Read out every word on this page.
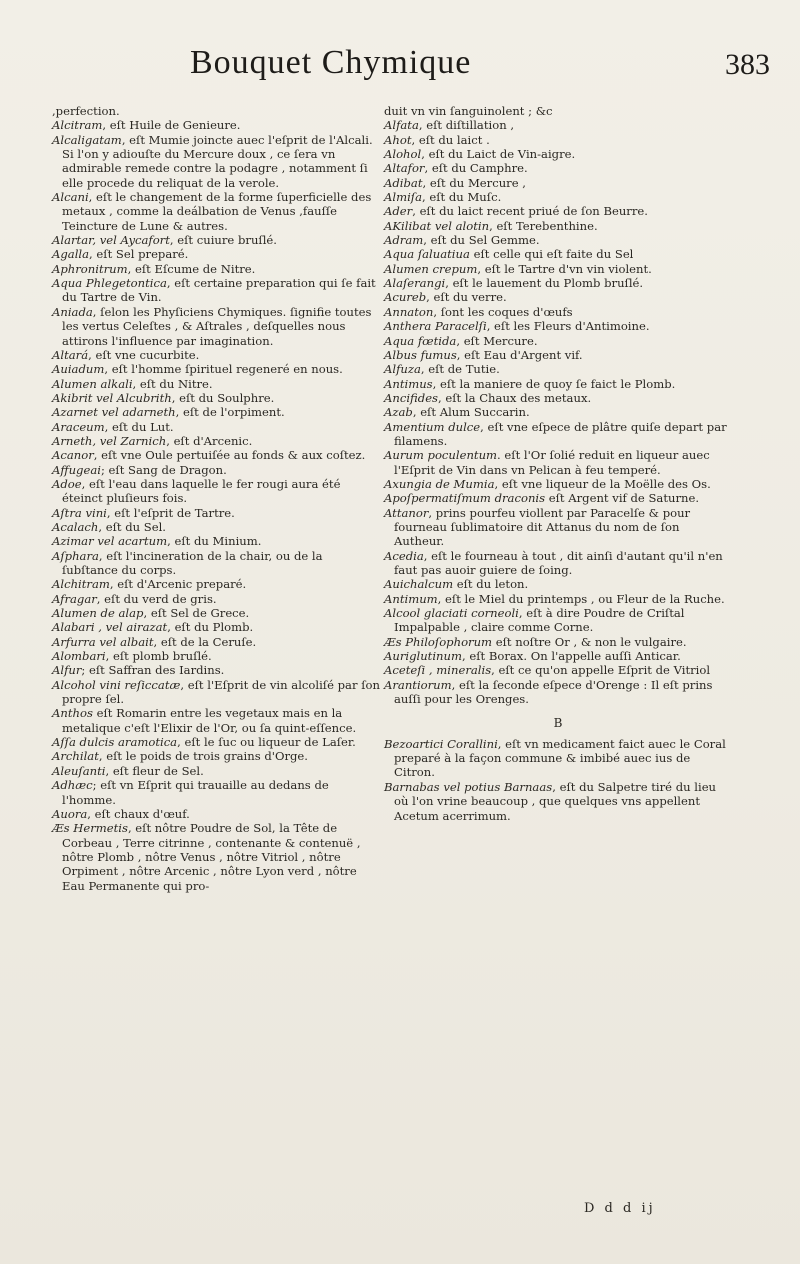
Bouquet Chymique	383

,perfection.

Alcitram, eſt Huile de Genieure.

Alcaligatam, eſt Mumie joincte auec l'eſprit de l'Alcali. Si l'on y adiouſte du Mercure doux , ce ſera vn admirable remede contre la podagre , notamment ſi elle procede du reliquat de la verole.

Alcani, eſt le changement de la forme ſuperficielle des metaux , comme la deálbation de Venus ,fauſſe Teincture de Lune & autres.

Alartar, vel Aycafort, eſt cuiure bruſlé.

Agalla, eſt Sel preparé.

Aphronitrum, eſt Eſcume de Nitre.

Aqua Phlegetontica, eſt certaine preparation qui ſe fait du Tartre de Vin.

Aniada, ſelon les Phyſiciens Chymiques. ſignifie toutes les vertus Celeſtes , & Aſtrales , deſquelles nous attirons l'influence par imagination.

Altará, eſt vne cucurbite.

Auiadum, eſt l'homme ſpirituel regeneré en nous.

Alumen alkali, eſt du Nitre.

Akibrit vel Alcubrith, eſt du Soulphre.

Azarnet vel adarneth, eſt de l'orpiment.

Araceum, eſt du Lut.

Arneth, vel Zarnich, eſt d'Arcenic.

Acanor, eſt vne Oule pertuiſée au fonds & aux coſtez.

Affugeai; eſt Sang de Dragon.

Adoe, eſt l'eau dans laquelle le fer rougi aura été éteinct pluſieurs fois.

Aſtra vini, eſt l'eſprit de Tartre.

Acalach, eſt du Sel.

Azimar vel acartum, eſt du Minium.

Aſphara, eſt l'incineration de la chair, ou de la ſubſtance du corps.

Alchitram, eſt d'Arcenic preparé.

Afragar, eſt du verd de gris.

Alumen de alap, eſt Sel de Grece.

Alabari , vel airazat, eſt du Plomb.

Arfurra vel albait, eſt de la Ceruſe.

Alombari, eſt plomb bruſlé.

Alfur; eſt Saffran des Iardins.

Alcohol vini reſiccatæ, eſt l'Eſprit de vin alcoliſé par ſon propre ſel.

Anthos eſt Romarin entre les vegetaux mais en la metalique c'eſt l'Elixir de l'Or, ou ſa quint-eſſence.

Aſſa dulcis aramotica, eſt le ſuc ou liqueur de Laſer.

Archilat, eſt le poids de trois grains d'Orge.

Aleuſanti, eſt fleur de Sel.

Adhæc; eſt vn Eſprit qui trauaille au dedans de l'homme.

Auora, eſt chaux d'œuf.

Æs Hermetis, eſt nôtre Poudre de Sol, la Tête de Corbeau , Terre citrinne , contenante & contenuë , nôtre Plomb , nôtre Venus , nôtre Vitriol , nôtre Orpiment , nôtre Arcenic , nôtre Lyon verd , nôtre Eau Permanente qui pro-

duit vn vin ſanguinolent ; &c

Alfata, eſt diſtillation ,

Ahot, eſt du laict .

Alohol, eſt du Laict de Vin-aigre.

Altafor, eſt du Camphre.

Adibat, eſt du Mercure ,

Almiſa, eſt du Muſc.

Ader, eſt du laict recent priué de ſon Beurre.

AKilibat vel alotin, eſt Terebenthine.

Adram, eſt du Sel Gemme.

Aqua ſaluatiua eſt celle qui eſt faite du Sel

Alumen crepum, eſt le Tartre d'vn vin violent.

Alaſerangi, eſt le lauement du Plomb bruſlé.

Acureb, eſt du verre.

Annaton, ſont les coques d'œufs

Anthera Paracelſi, eſt les Fleurs d'Antimoine.

Aqua fœtida, eſt Mercure.

Albus fumus, eſt Eau d'Argent vif.

Alfuza, eſt de Tutie.

Antimus, eſt la maniere de quoy ſe faict le Plomb.

Ancifides, eſt la Chaux des metaux.

Azab, eſt Alum Succarin.

Amentium dulce, eſt vne eſpece de plâtre quiſe depart par filamens.

Aurum poculentum. eſt l'Or ſolié reduit en liqueur auec l'Eſprit de Vin dans vn Pelican à feu temperé.

Axungia de Mumia, eſt vne liqueur de la Moëlle des Os.

Apoſpermatiſmum draconis eſt Argent vif de Saturne.

Attanor, prins pourfeu viollent par Paracelſe & pour fourneau ſublimatoire dit Attanus du nom de ſon Autheur.

Acedia, eſt le fourneau à tout , dit ainſi d'autant qu'il n'en faut pas auoir guiere de ſoing.

Auichalcum eſt du leton.

Antimum, eſt le Miel du printemps , ou Fleur de la Ruche.

Alcool glaciati corneoli, eſt à dire Poudre de Criſtal Impalpable , claire comme Corne.

Æs Philoſophorum eſt noſtre Or , & non le vulgaire.

Auriglutinum, eſt Borax. On l'appelle auſſi Anticar.

Aceteſi , mineralis, eſt ce qu'on appelle Eſprit de Vitriol

Arantiorum, eſt la ſeconde eſpece d'Orenge : Il eſt prins auſſi pour les Orenges.

B

Bezoartici Corallini, eſt vn medicament faict auec le Coral preparé à la façon commune & imbibé auec ius de Citron.

Barnabas vel potius Barnaas, eſt du Salpetre tiré du lieu où l'on vrine beaucoup , que quelques vns appellent Acetum acerrimum.

D d d ij
